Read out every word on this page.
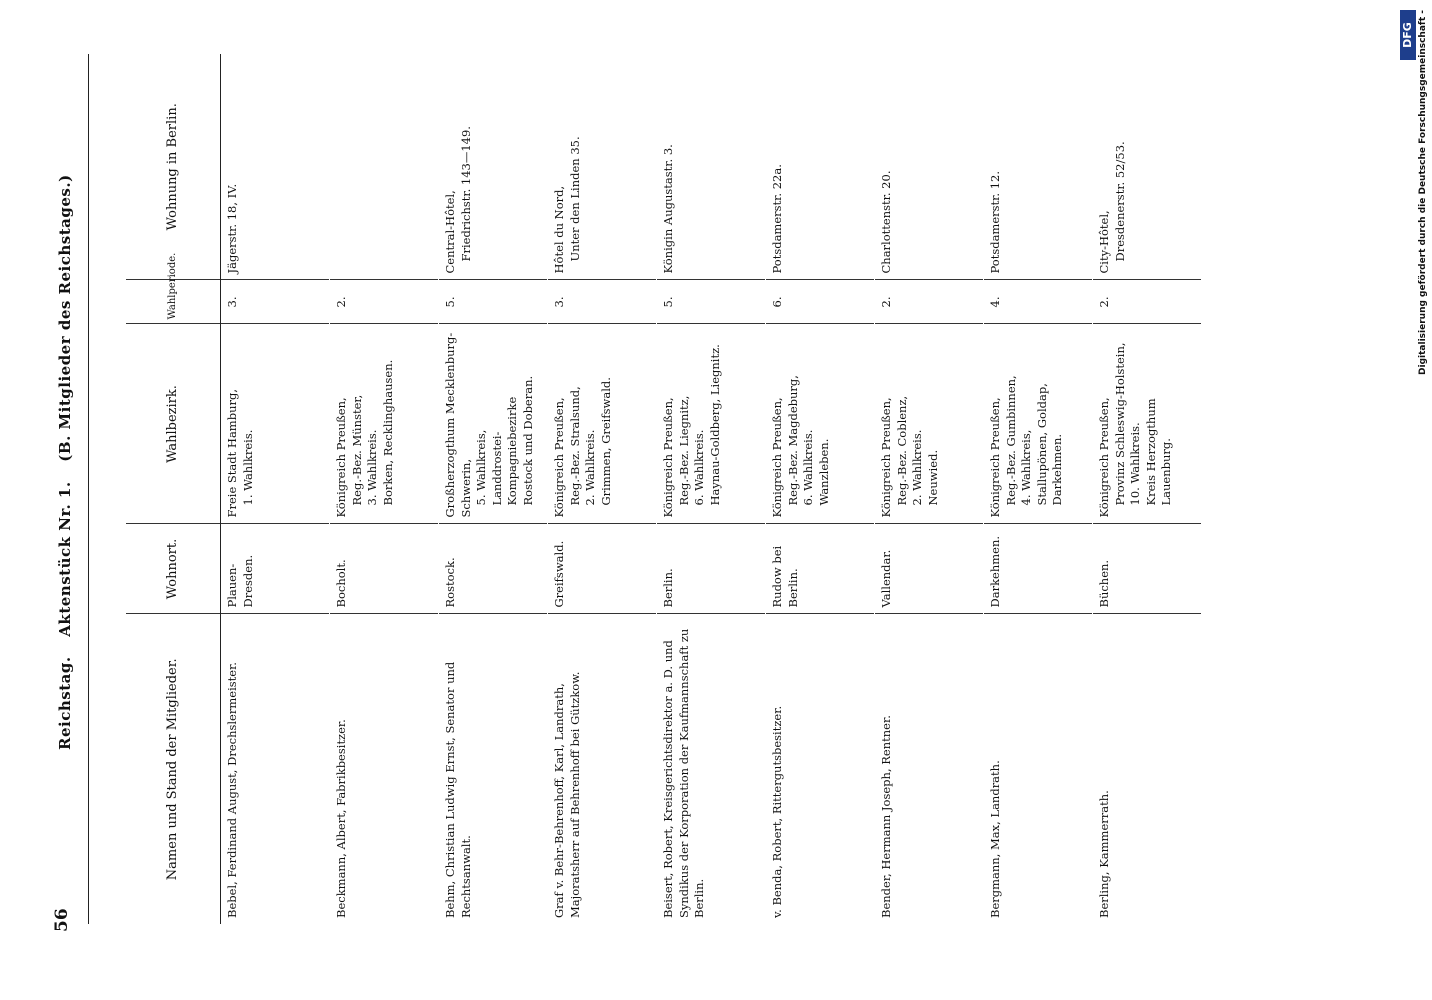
56
Reichstag. Aktenstück Nr. 1. (B. Mitglieder des Reichstages.)
Namen und Stand der Mitglieder.	Wohnort.	Wahlbezirk.	Wahlperiode.	Wohnung in Berlin.
Bebel, Ferdinand August, Drechslermeister.	Plauen-Dresden.	Freie Stadt Hamburg, 1. Wahlkreis.	3.	Jägerstr. 18, IV.

Beckmann, Albert, Fabrikbesitzer.	Bocholt.	Königreich Preußen, Reg.-Bez. Münster, 3. Wahlkreis. Borken, Recklinghausen.	2.	
Behm, Christian Ludwig Ernst, Senator und Rechtsanwalt.	Rostock.	Großherzogthum Mecklenburg-Schwerin, 5. Wahlkreis, Landdrostei-Kompagniebezirke Rostock und Doberan.	5.	Central-Hôtel, Friedrichstr. 143—149.

Graf v. Behr-Behrenhoff, Karl, Landrath, Majoratsherr auf Behrenhoff bei Gützkow.	Greifswald.	Königreich Preußen, Reg.-Bez. Stralsund, 2. Wahlkreis. Grimmen, Greifswald.	3.	Hôtel du Nord, Unter den Linden 35.

Beisert, Robert, Kreisgerichtsdirektor a. D. und Syndikus der Korporation der Kaufmannschaft zu Berlin.	Berlin.	Königreich Preußen, Reg.-Bez. Liegnitz, 6. Wahlkreis. Haynau-Goldberg, Liegnitz.	5.	Königin Augustastr. 3.

v. Benda, Robert, Rittergutsbesitzer.	Rudow bei Berlin.	Königreich Preußen, Reg.-Bez. Magdeburg, 6. Wahlkreis. Wanzleben.	6.	Potsdamerstr. 22a.

Bender, Hermann Joseph, Rentner.	Vallendar.	Königreich Preußen, Reg.-Bez. Coblenz, 2. Wahlkreis. Neuwied.	2.	Charlottenstr. 20.

Bergmann, Max, Landrath.	Darkehmen.	Königreich Preußen, Reg.-Bez. Gumbinnen, 4. Wahlkreis, Stallupönen, Goldap, Darkehmen.	4.	Potsdamerstr. 12.

Berling, Kammerrath.	Büchen.	Königreich Preußen, Provinz Schleswig-Holstein, 10. Wahlkreis. Kreis Herzogthum Lauenburg.	2.	City-Hôtel, Dresdenerstr. 52/53.
DFG Digitalisierung gefördert durch die Deutsche Forschungsgemeinschaft -
